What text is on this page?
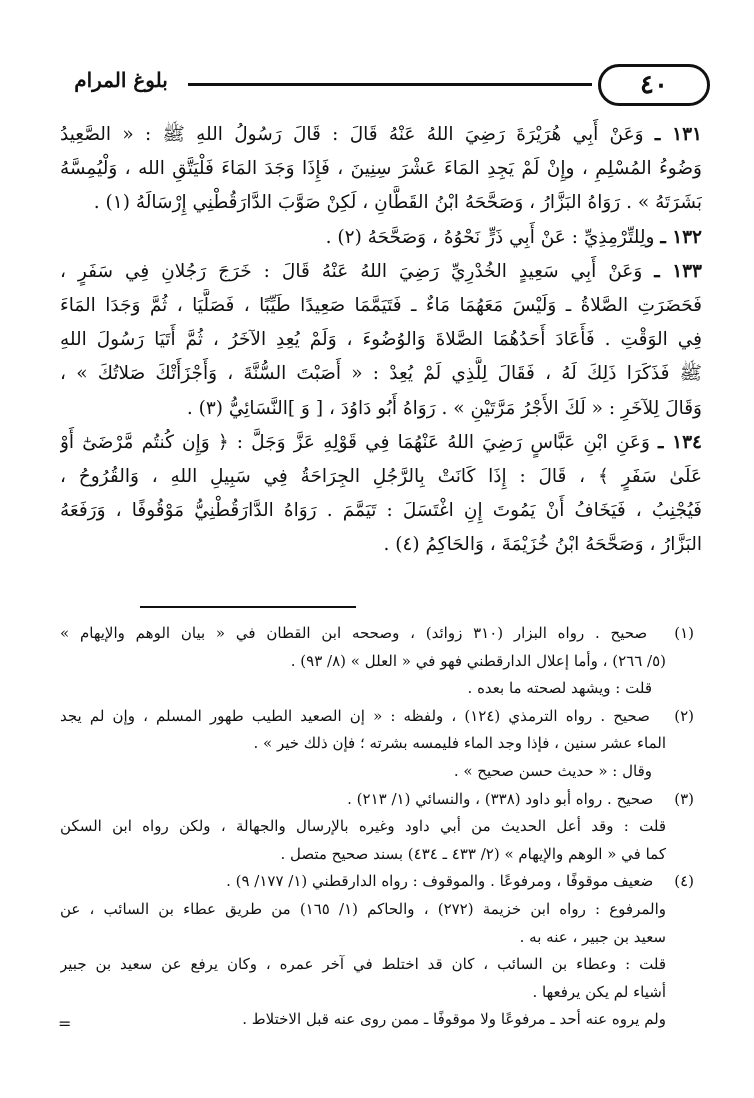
٤٠
بلوغ المرام
١٣١ ـ وَعَنْ أَبِي هُرَيْرَةَ رَضِيَ اللهُ عَنْهُ قَالَ : قَالَ رَسُولُ اللهِ ﷺ : « الصَّعِيدُ
وَضُوءُ المُسْلِمِ ، وإِنْ لَمْ يَجِدِ المَاءَ عَشْرَ سِنِينَ ، فَإِذَا وَجَدَ المَاءَ فَلْيَتَّقِ الله ، وَلْيُمِسَّهُ
بَشَرَتَهُ » . رَوَاهُ البَزَّارُ ، وَصَحَّحَهُ ابْنُ القَطَّانِ ، لَكِنْ صَوَّبَ الدَّارَقُطْنِي إِرْسَالَهُ (١) .
١٣٢ ـ ولِلتِّرْمِذِيِّ : عَنْ أَبِي ذَرٍّ نَحْوُهُ ، وَصَحَّحَهُ (٢) .
١٣٣ ـ وَعَنْ أَبِي سَعِيدٍ الخُدْرِيِّ رَضِيَ اللهُ عَنْهُ قَالَ : خَرَجَ رَجُلانِ فِي سَفَرٍ ،
فَحَضَرَتِ الصَّلاةُ ـ وَلَيْسَ مَعَهُمَا مَاءٌ ـ فَتَيَمَّمَا صَعِيدًا طَيِّبًا ، فَصَلَّيَا ، ثُمَّ وَجَدَا المَاءَ
فِي الوَقْتِ . فَأَعَادَ أَحَدُهُمَا الصَّلاةَ وَالوُضُوءَ ، وَلَمْ يُعِدِ الآخَرُ ، ثُمَّ أَتَيَا رَسُولَ اللهِ
ﷺ فَذَكَرَا ذَلِكَ لَهُ ، فَقَالَ لِلَّذِي لَمْ يُعِدْ : « أَصَبْتَ السُّنَّةَ ، وَأَجْزَأَتْكَ صَلاتُكَ » ،
وَقَالَ لِلآخَرِ : « لَكَ الأَجْرُ مَرَّتَيْنِ » . رَوَاهُ أَبُو دَاوُدَ ، [ وَ ]النَّسَائِيُّ (٣) .
١٣٤ ـ وَعَنِ ابْنِ عَبَّاسٍ رَضِيَ اللهُ عَنْهُمَا فِي قَوْلِهِ عَزَّ وَجَلَّ : ﴿ وَإِن كُنتُم مَّرْضَىٰٓ أَوْ
عَلَىٰ سَفَرٍ ﴾ ، قَالَ : إِذَا كَانَتْ بِالرَّجُلِ الجِرَاحَةُ فِي سَبِيلِ اللهِ ، وَالقُرُوحُ ،
فَيُجْنِبُ ، فَيَخَافُ أَنْ يَمُوتَ إِنِ اغْتَسَلَ : تَيَمَّمَ . رَوَاهُ الدَّارَقُطْنِيُّ مَوْقُوفًا ، وَرَفَعَهُ
البَزَّارُ ، وَصَحَّحَهُ ابْنُ خُزَيْمَةَ ، وَالحَاكِمُ (٤) .
(١) صحيح . رواه البزار (٣١٠ زوائد) ، وصححه ابن القطان في « بيان الوهم والإيهام »
(٥/ ٢٦٦) ، وأما إعلال الدارقطني فهو في « العلل » (٨/ ٩٣) .
قلت : ويشهد لصحته ما بعده .
(٢) صحيح . رواه الترمذي (١٢٤) ، ولفظه : « إن الصعيد الطيب طهور المسلم ، وإن لم يجد
الماء عشر سنين ، فإذا وجد الماء فليمسه بشرته ؛ فإن ذلك خير » .
وقال : « حديث حسن صحيح » .
(٣) صحيح . رواه أبو داود (٣٣٨) ، والنسائي (١/ ٢١٣) .
قلت : وقد أعل الحديث من أبي داود وغيره بالإرسال والجهالة ، ولكن رواه ابن السكن
كما في « الوهم والإيهام » (٢/ ٤٣٣ ـ ٤٣٤) بسند صحيح متصل .
(٤) ضعيف موقوفًا ، ومرفوعًا . والموقوف : رواه الدارقطني (١/ ١٧٧/ ٩) .
والمرفوع : رواه ابن خزيمة (٢٧٢) ، والحاكم (١/ ١٦٥) من طريق عطاء بن السائب ، عن
سعيد بن جبير ، عنه به .
قلت : وعطاء بن السائب ، كان قد اختلط في آخر عمره ، وكان يرفع عن سعيد بن جبير
أشياء لم يكن يرفعها .
ولم يروه عنه أحد ـ مرفوعًا ولا موقوفًا ـ ممن روى عنه قبل الاختلاط .
=
